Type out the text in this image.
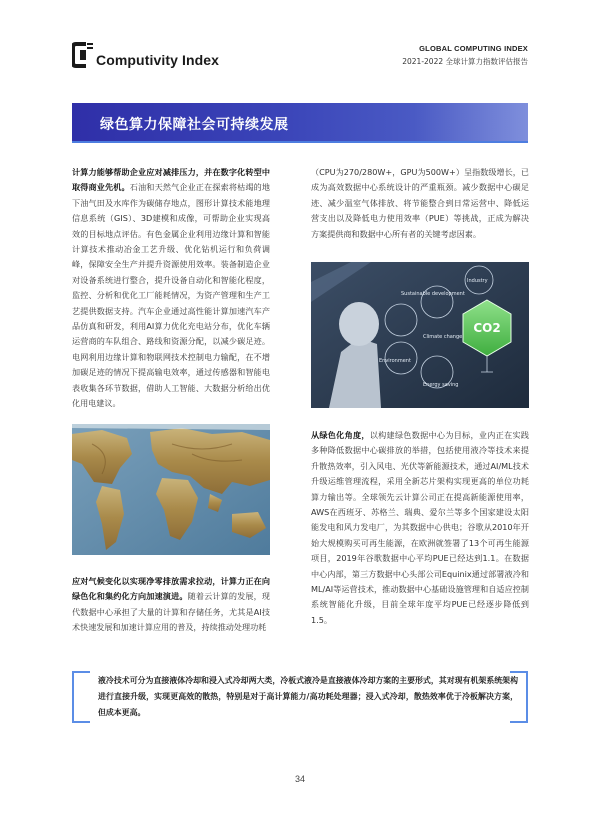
Computivity Index
GLOBAL COMPUTING INDEX
2021-2022 全球计算力指数评估报告
绿色算力保障社会可持续发展
计算力能够帮助企业应对减排压力，并在数字化转型中取得商业先机。石油和天然气企业正在探索将枯竭的地下油气田及水库作为碳储存地点，图形计算技术能地理信息系统（GIS）、3D建模和成像，可帮助企业实现高效的目标地点评估。有色金属企业利用边缘计算和智能计算技术推动冶金工艺升级、优化钻机运行和负荷调峰，保障安全生产并提升资源使用效率。装备制造企业对设备系统进行整合，提升设备自动化和智能化程度，监控、分析和优化工厂能耗情况，为资产管理和生产工艺提供数据支持。汽车企业通过高性能计算加速汽车产品仿真和研发，利用AI算力优化充电站分布，优化车辆运营商的车队组合、路线和资源分配，以减少碳足迹。电网利用边缘计算和物联网技术控制电力输配，在不增加碳足迹的情况下提高输电效率，通过传感器和智能电表收集各环节数据，借助人工智能、大数据分析给出优化用电建议。
应对气候变化以实现净零排放需求拉动，计算力正在向绿色化和集约化方向加速演进。随着云计算的发展，现代数据中心承担了大量的计算和存储任务，尤其是AI技术快速发展和加速计算应用的普及，持续推动处理功耗
（CPU为270/280W+，GPU为500W+）呈指数级增长，已成为高效数据中心系统设计的严重瓶颈。减少数据中心碳足迹、减少温室气体排放、将节能整合到日常运营中、降低运营支出以及降低电力使用效率（PUE）等挑战，正成为解决方案提供商和数据中心所有者的关键考虑因素。
Sustainable development
Climate change
Environment
Energy saving
Industry
CO2
从绿色化角度，以构建绿色数据中心为目标，业内正在实践多种降低数据中心碳排放的举措，包括使用液冷等技术来提升散热效率，引入风电、光伏等新能源技术，通过AI/ML技术升级运维管理流程，采用全新芯片架构实现更高的单位功耗算力输出等。全球领先云计算公司正在提高新能源使用率，AWS在西班牙、苏格兰、瑞典、爱尔兰等多个国家建设太阳能发电和风力发电厂，为其数据中心供电；谷歌从2010年开始大规模购买可再生能源，在欧洲就签署了13个可再生能源项目，2019年谷歌数据中心平均PUE已经达到1.1。在数据中心内部，第三方数据中心头部公司Equinix通过部署液冷和ML/AI等运营技术，推动数据中心基础设施管理和自适应控制系统智能化升级，目前全球年度平均PUE已经逐步降低到1.5。
液冷技术可分为直接液体冷却和浸入式冷却两大类，冷板式液冷是直接液体冷却方案的主要形式，其对现有机架系统架构进行直接升级，实现更高效的散热，特别是对于高计算能力/高功耗处理器；浸入式冷却，散热效率优于冷板解决方案，但成本更高。
34
